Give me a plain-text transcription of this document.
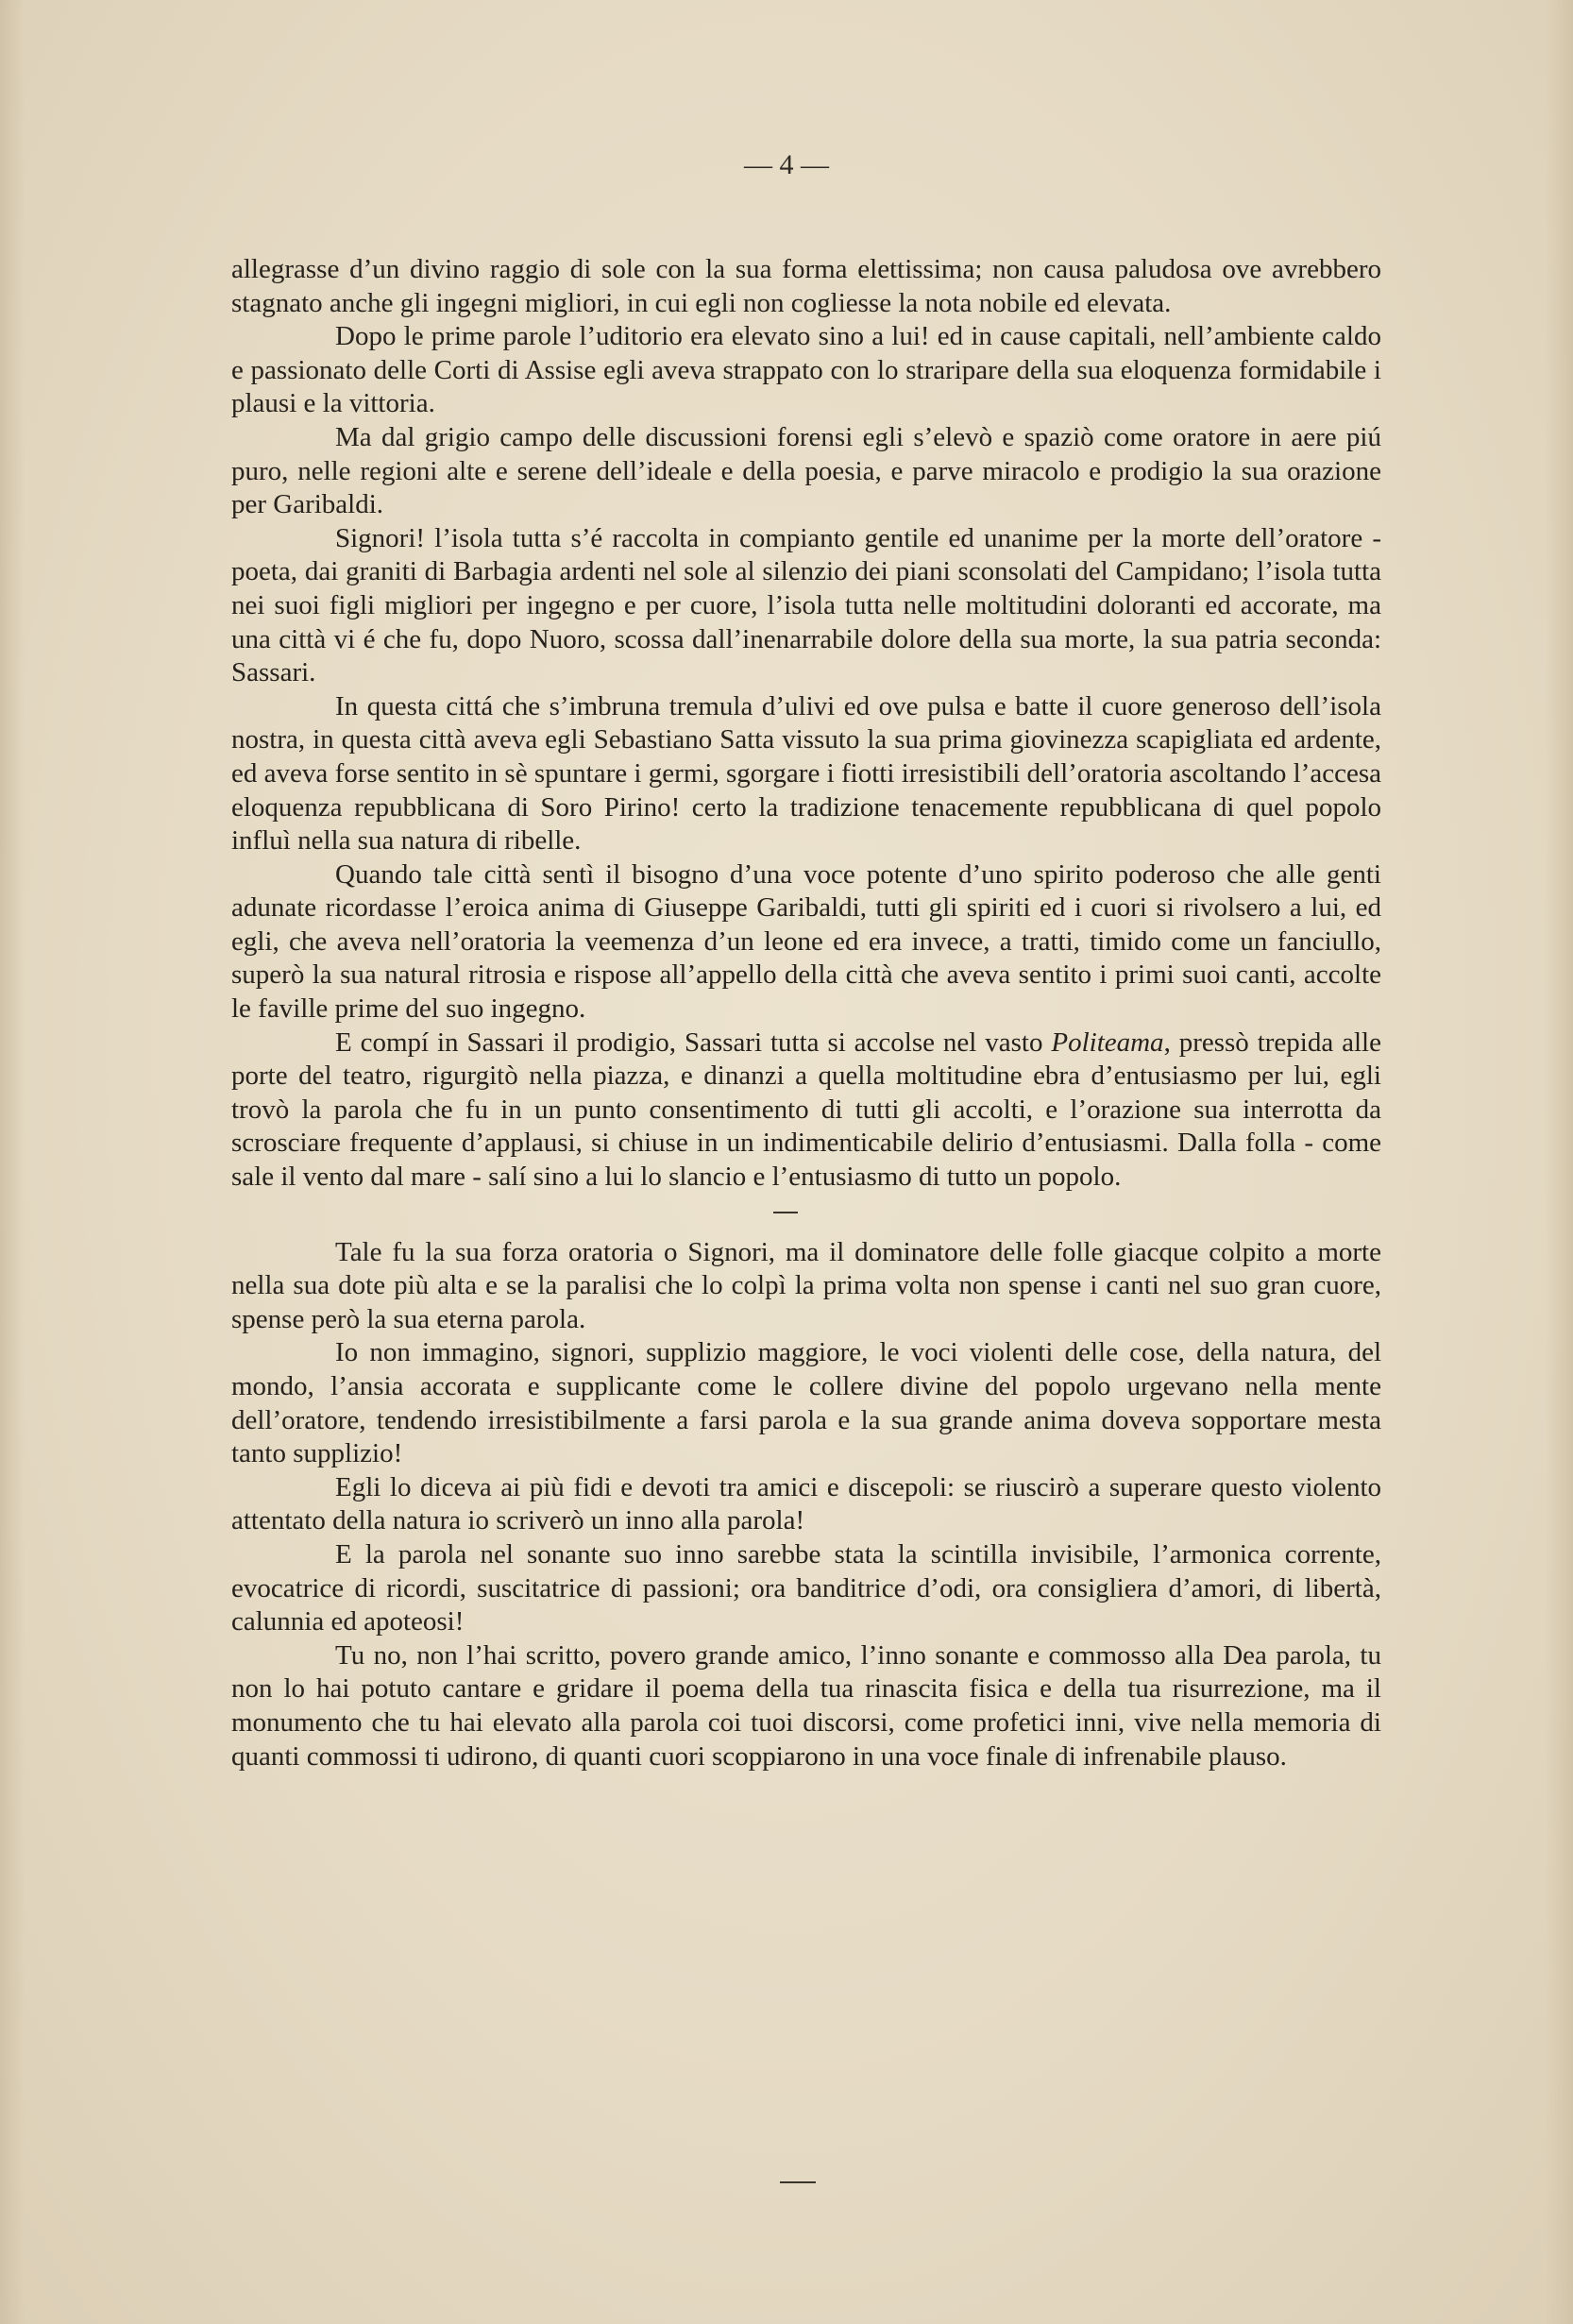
— 4 —

allegrasse d’un divino raggio di sole con la sua forma elettissima; non causa paludosa ove avrebbero stagnato anche gli ingegni migliori, in cui egli non cogliesse la nota nobile ed elevata.

Dopo le prime parole l’uditorio era elevato sino a lui! ed in cause capitali, nell’ambiente caldo e passionato delle Corti di Assise egli aveva strappato con lo straripare della sua eloquenza formidabile i plausi e la vittoria.

Ma dal grigio campo delle discussioni forensi egli s’elevò e spaziò come oratore in aere piú puro, nelle regioni alte e serene dell’ideale e della poesia, e parve miracolo e prodigio la sua orazione per Garibaldi.

Signori! l’isola tutta s’é raccolta in compianto gentile ed unanime per la morte dell’oratore - poeta, dai graniti di Barbagia ardenti nel sole al silenzio dei piani sconsolati del Campidano; l’isola tutta nei suoi figli migliori per ingegno e per cuore, l’isola tutta nelle moltitudini doloranti ed accorate, ma una città vi é che fu, dopo Nuoro, scossa dall’inenarrabile dolore della sua morte, la sua patria seconda: Sassari.

In questa cittá che s’imbruna tremula d’ulivi ed ove pulsa e batte il cuore generoso dell’isola nostra, in questa città aveva egli Sebastiano Satta vissuto la sua prima giovinezza scapigliata ed ardente, ed aveva forse sentito in sè spuntare i germi, sgorgare i fiotti irresistibili dell’oratoria ascoltando l’accesa eloquenza repubblicana di Soro Pirino! certo la tradizione tenacemente repubblicana di quel popolo influì nella sua natura di ribelle.

Quando tale città sentì il bisogno d’una voce potente d’uno spirito poderoso che alle genti adunate ricordasse l’eroica anima di Giuseppe Garibaldi, tutti gli spiriti ed i cuori si rivolsero a lui, ed egli, che aveva nell’oratoria la veemenza d’un leone ed era invece, a tratti, timido come un fanciullo, superò la sua natural ritrosia e rispose all’appello della città che aveva sentito i primi suoi canti, accolte le faville prime del suo ingegno.

E compí in Sassari il prodigio, Sassari tutta si accolse nel vasto Politeama, pressò trepida alle porte del teatro, rigurgitò nella piazza, e dinanzi a quella moltitudine ebra d’entusiasmo per lui, egli trovò la parola che fu in un punto consentimento di tutti gli accolti, e l’orazione sua interrotta da scrosciare frequente d’applausi, si chiuse in un indimenticabile delirio d’entusiasmi. Dalla folla - come sale il vento dal mare - salí sino a lui lo slancio e l’entusiasmo di tutto un popolo.

Tale fu la sua forza oratoria o Signori, ma il dominatore delle folle giacque colpito a morte nella sua dote più alta e se la paralisi che lo colpì la prima volta non spense i canti nel suo gran cuore, spense però la sua eterna parola.

Io non immagino, signori, supplizio maggiore, le voci violenti delle cose, della natura, del mondo, l’ansia accorata e supplicante come le collere divine del popolo urgevano nella mente dell’oratore, tendendo irresistibilmente a farsi parola e la sua grande anima doveva sopportare mesta tanto supplizio!

Egli lo diceva ai più fidi e devoti tra amici e discepoli: se riuscirò a superare questo violento attentato della natura io scriverò un inno alla parola!

E la parola nel sonante suo inno sarebbe stata la scintilla invisibile, l’armonica corrente, evocatrice di ricordi, suscitatrice di passioni; ora banditrice d’odi, ora consigliera d’amori, di libertà, calunnia ed apoteosi!

Tu no, non l’hai scritto, povero grande amico, l’inno sonante e commosso alla Dea parola, tu non lo hai potuto cantare e gridare il poema della tua rinascita fisica e della tua risurrezione, ma il monumento che tu hai elevato alla parola coi tuoi discorsi, come profetici inni, vive nella memoria di quanti commossi ti udirono, di quanti cuori scoppiarono in una voce finale di infrenabile plauso.
